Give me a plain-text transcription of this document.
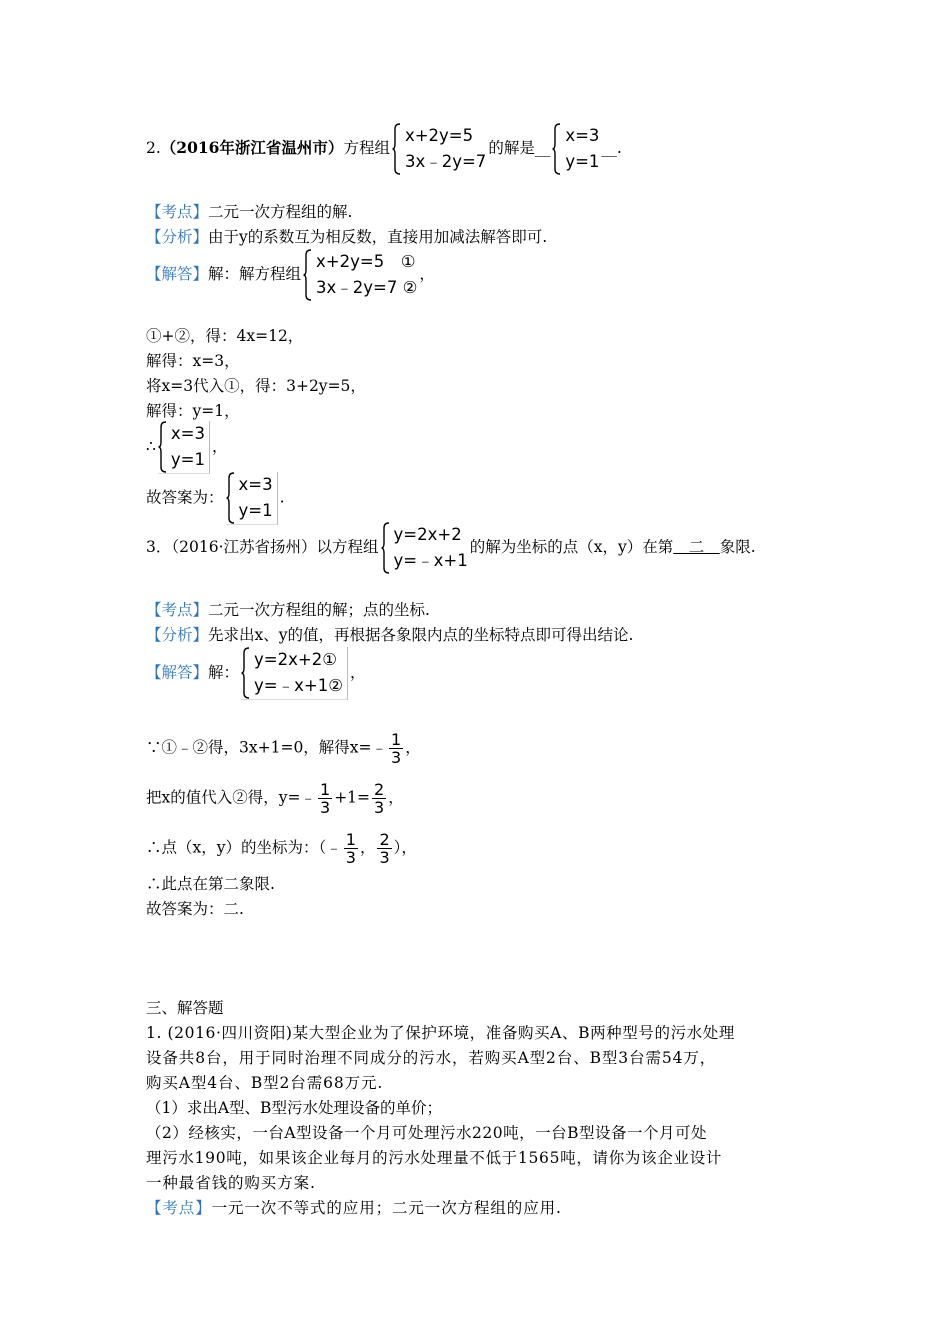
2.（2016年浙江省温州市）方程组
x+2y=5
3x﹣2y=7
的解是__
x=3
y=1
__.
【考点】二元一次方程组的解.
【分析】由于y的系数互为相反数，直接用加减法解答即可.
【解答】解：解方程组
x+2y=5　①
3x﹣2y=7 ②
，
①+②，得：4x=12，
解得：x=3，
将x=3代入①，得：3+2y=5，
解得：y=1，
∴
x=3
y=1
，
故答案为：
x=3
y=1
.
3．（2016·江苏省扬州）以方程组
y=2x+2
y=﹣x+1
的解为坐标的点（x，y）在第　二　象限.
【考点】二元一次方程组的解；点的坐标.
【分析】先求出x、y的值，再根据各象限内点的坐标特点即可得出结论.
【解答】解：
y=2x+2①
y=﹣x+1②
，
∵①﹣②得，3x+1=0，解得x=﹣ $\frac{1}{3}$ ，
把x的值代入②得，y=﹣ $\frac{1}{3} +1= \frac{2}{3}$ ，
∴点（x，y）的坐标为：（﹣ $\frac{1}{3}$ ， $\frac{2}{3}$ ），
∴此点在第二象限.
故答案为：二.
三、解答题
1. (2016·四川资阳)某大型企业为了保护环境，准备购买A、B两种型号的污水处理
设备共8台，用于同时治理不同成分的污水，若购买A型2台、B型3台需54万，
购买A型4台、B型2台需68万元.
（1）求出A型、B型污水处理设备的单价；
（2）经核实，一台A型设备一个月可处理污水220吨，一台B型设备一个月可处
理污水190吨，如果该企业每月的污水处理量不低于1565吨，请你为该企业设计
一种最省钱的购买方案.
【考点】一元一次不等式的应用；二元一次方程组的应用.
